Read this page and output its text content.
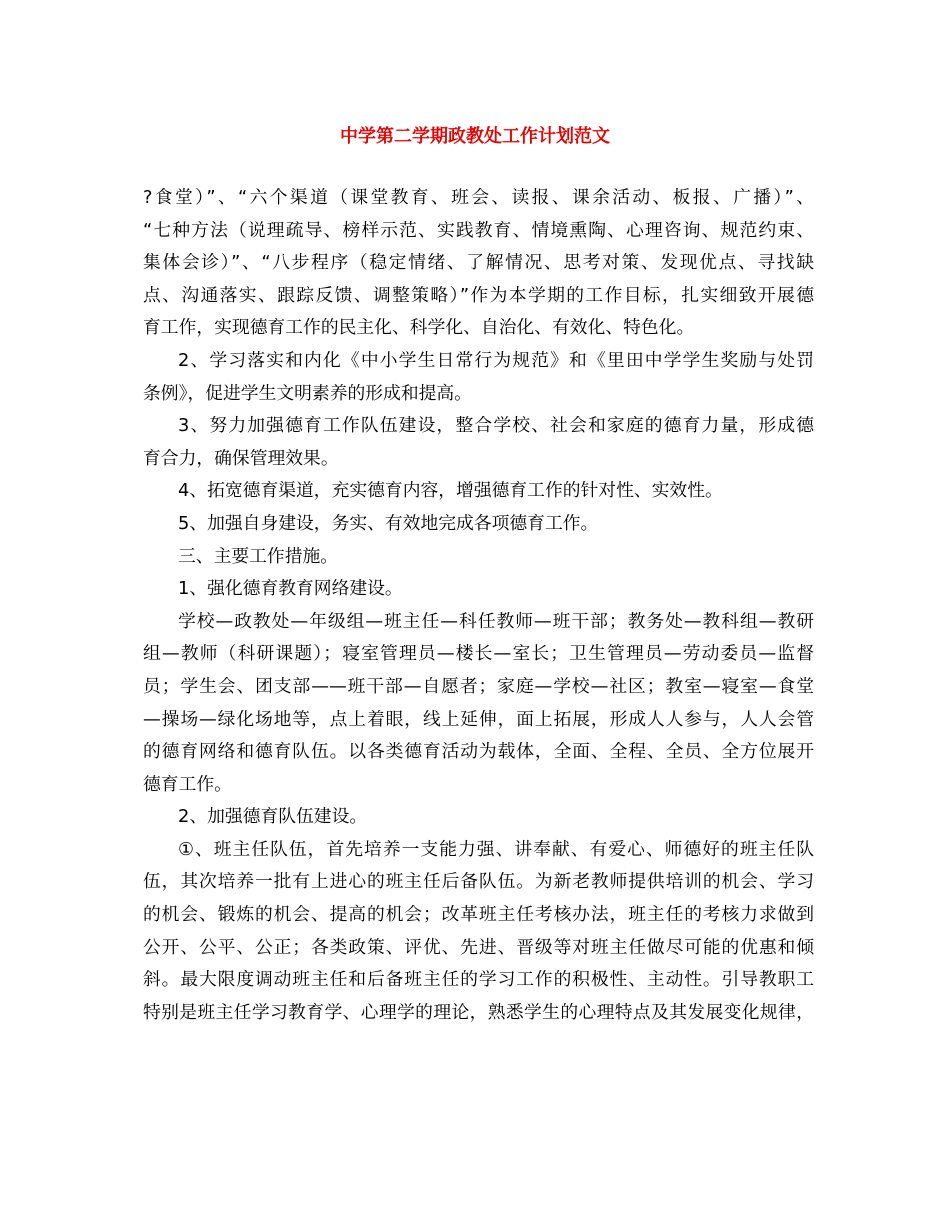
中学第二学期政教处工作计划范文
?食堂）”、“六个渠道（课堂教育、班会、读报、课余活动、板报、广播）”、
“七种方法（说理疏导、榜样示范、实践教育、情境熏陶、心理咨询、规范约束、
集体会诊）”、“八步程序（稳定情绪、了解情况、思考对策、发现优点、寻找缺
点、沟通落实、跟踪反馈、调整策略）”作为本学期的工作目标，扎实细致开展德
育工作，实现德育工作的民主化、科学化、自治化、有效化、特色化。
2、学习落实和内化《中小学生日常行为规范》和《里田中学学生奖励与处罚
条例》，促进学生文明素养的形成和提高。
3、努力加强德育工作队伍建设，整合学校、社会和家庭的德育力量，形成德
育合力，确保管理效果。
4、拓宽德育渠道，充实德育内容，增强德育工作的针对性、实效性。
5、加强自身建设，务实、有效地完成各项德育工作。
三、主要工作措施。
1、强化德育教育网络建设。
学校—政教处—年级组—班主任—科任教师—班干部；教务处—教科组—教研
组—教师（科研课题）；寝室管理员—楼长—室长；卫生管理员—劳动委员—监督
员；学生会、团支部——班干部—自愿者；家庭—学校—社区；教室—寝室—食堂
—操场—绿化场地等，点上着眼，线上延伸，面上拓展，形成人人参与，人人会管
的德育网络和德育队伍。以各类德育活动为载体，全面、全程、全员、全方位展开
德育工作。
2、加强德育队伍建设。
①、班主任队伍，首先培养一支能力强、讲奉献、有爱心、师德好的班主任队
伍，其次培养一批有上进心的班主任后备队伍。为新老教师提供培训的机会、学习
的机会、锻炼的机会、提高的机会；改革班主任考核办法，班主任的考核力求做到
公开、公平、公正；各类政策、评优、先进、晋级等对班主任做尽可能的优惠和倾
斜。最大限度调动班主任和后备班主任的学习工作的积极性、主动性。引导教职工
特别是班主任学习教育学、心理学的理论，熟悉学生的心理特点及其发展变化规律，
